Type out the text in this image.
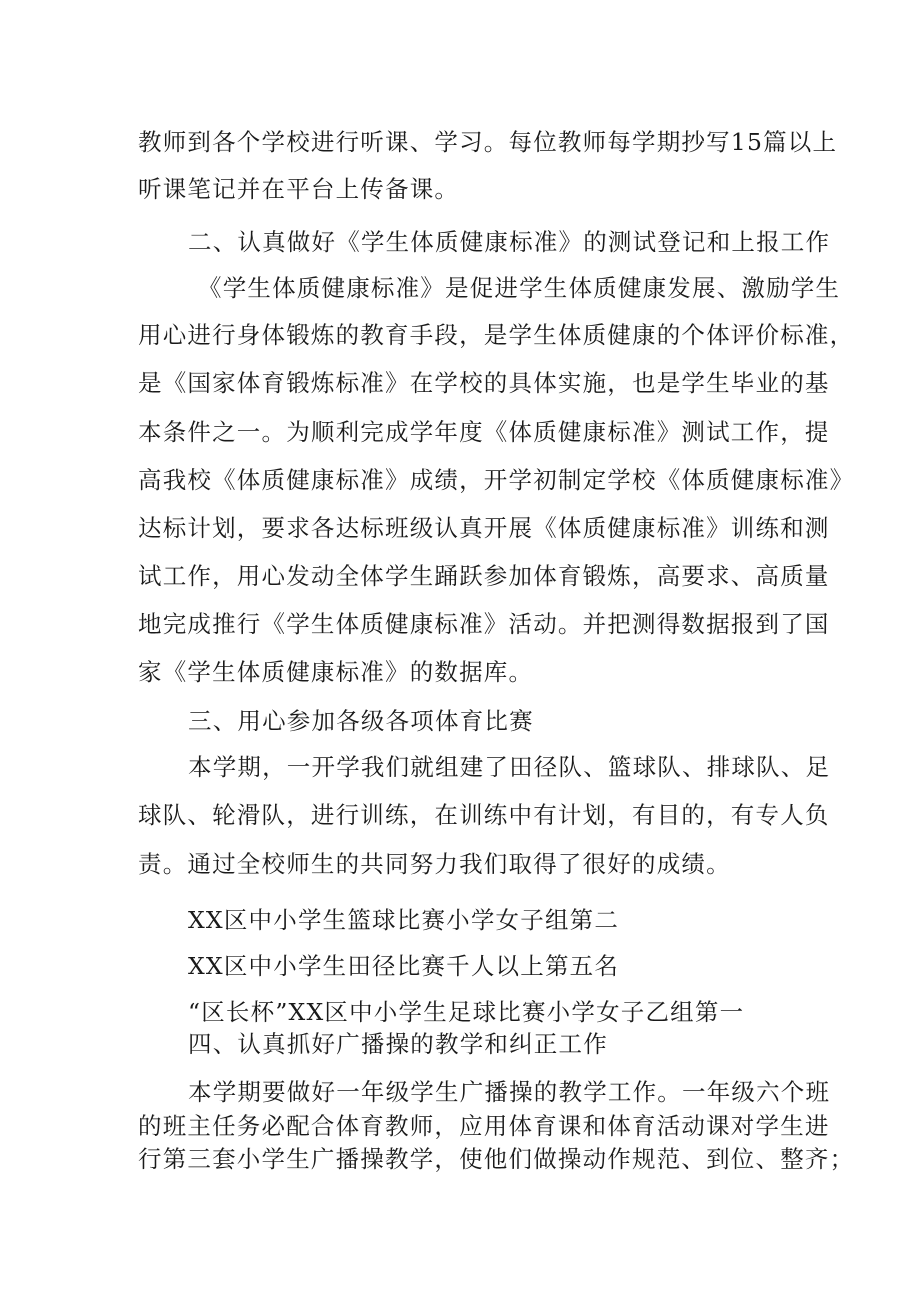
教师到各个学校进行听课、学习。每位教师每学期抄写15篇以上
听课笔记并在平台上传备课。
二、认真做好《学生体质健康标准》的测试登记和上报工作
《学生体质健康标准》是促进学生体质健康发展、激励学生
用心进行身体锻炼的教育手段，是学生体质健康的个体评价标准，
是《国家体育锻炼标准》在学校的具体实施，也是学生毕业的基
本条件之一。为顺利完成学年度《体质健康标准》测试工作，提
高我校《体质健康标准》成绩，开学初制定学校《体质健康标准》
达标计划，要求各达标班级认真开展《体质健康标准》训练和测
试工作，用心发动全体学生踊跃参加体育锻炼，高要求、高质量
地完成推行《学生体质健康标准》活动。并把测得数据报到了国
家《学生体质健康标准》的数据库。
三、用心参加各级各项体育比赛
本学期，一开学我们就组建了田径队、篮球队、排球队、足
球队、轮滑队，进行训练，在训练中有计划，有目的，有专人负
责。通过全校师生的共同努力我们取得了很好的成绩。
XX区中小学生篮球比赛小学女子组第二
XX区中小学生田径比赛千人以上第五名
“区长杯”XX区中小学生足球比赛小学女子乙组第一
四、认真抓好广播操的教学和纠正工作
本学期要做好一年级学生广播操的教学工作。一年级六个班
的班主任务必配合体育教师，应用体育课和体育活动课对学生进
行第三套小学生广播操教学，使他们做操动作规范、到位、整齐；
